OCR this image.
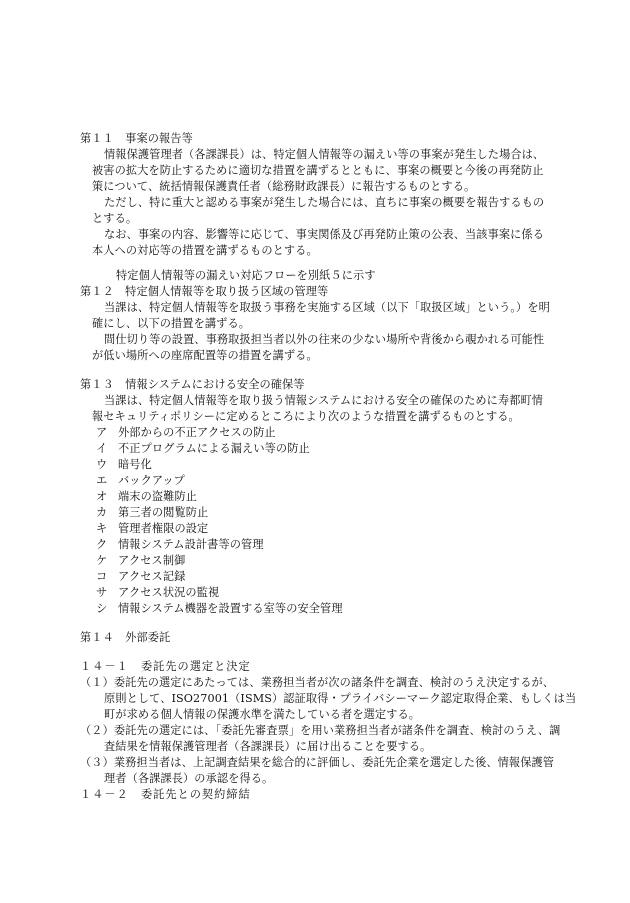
第１１　事案の報告等
情報保護管理者（各課課長）は、特定個人情報等の漏えい等の事案が発生した場合は、
被害の拡大を防止するために適切な措置を講ずるとともに、事案の概要と今後の再発防止
策について、統括情報保護責任者（総務財政課長）に報告するものとする。
ただし、特に重大と認める事案が発生した場合には、直ちに事案の概要を報告するもの
とする。
なお、事案の内容、影響等に応じて、事実関係及び再発防止策の公表、当該事案に係る
本人への対応等の措置を講ずるものとする。
特定個人情報等の漏えい対応フローを別紙５に示す
第１２　特定個人情報等を取り扱う区域の管理等
当課は、特定個人情報等を取扱う事務を実施する区域（以下「取扱区域」という。）を明
確にし、以下の措置を講ずる。
間仕切り等の設置、事務取扱担当者以外の往来の少ない場所や背後から覗かれる可能性
が低い場所への座席配置等の措置を講ずる。
第１３　情報システムにおける安全の確保等
当課は、特定個人情報等を取り扱う情報システムにおける安全の確保のために寿都町情
報セキュリティポリシーに定めるところにより次のような措置を講ずるものとする。
ア 外部からの不正アクセスの防止
イ 不正プログラムによる漏えい等の防止
ウ 暗号化
エ バックアップ
オ 端末の盗難防止
カ 第三者の閲覧防止
キ 管理者権限の設定
ク 情報システム設計書等の管理
ケ アクセス制御
コ アクセス記録
サ アクセス状況の監視
シ 情報システム機器を設置する室等の安全管理
第１４　外部委託
１４－１　委託先の選定と決定
（１）委託先の選定にあたっては、業務担当者が次の諸条件を調査、検討のうえ決定するが、
原則として、ISO27001（ISMS）認証取得・プライバシーマーク認定取得企業、もしくは当
町が求める個人情報の保護水準を満たしている者を選定する。
（２）委託先の選定には、「委託先審査票」を用い業務担当者が諸条件を調査、検討のうえ、調
査結果を情報保護管理者（各課課長）に届け出ることを要する。
（３）業務担当者は、上記調査結果を総合的に評価し、委託先企業を選定した後、情報保護管
理者（各課課長）の承認を得る。
１４－２　委託先との契約締結
